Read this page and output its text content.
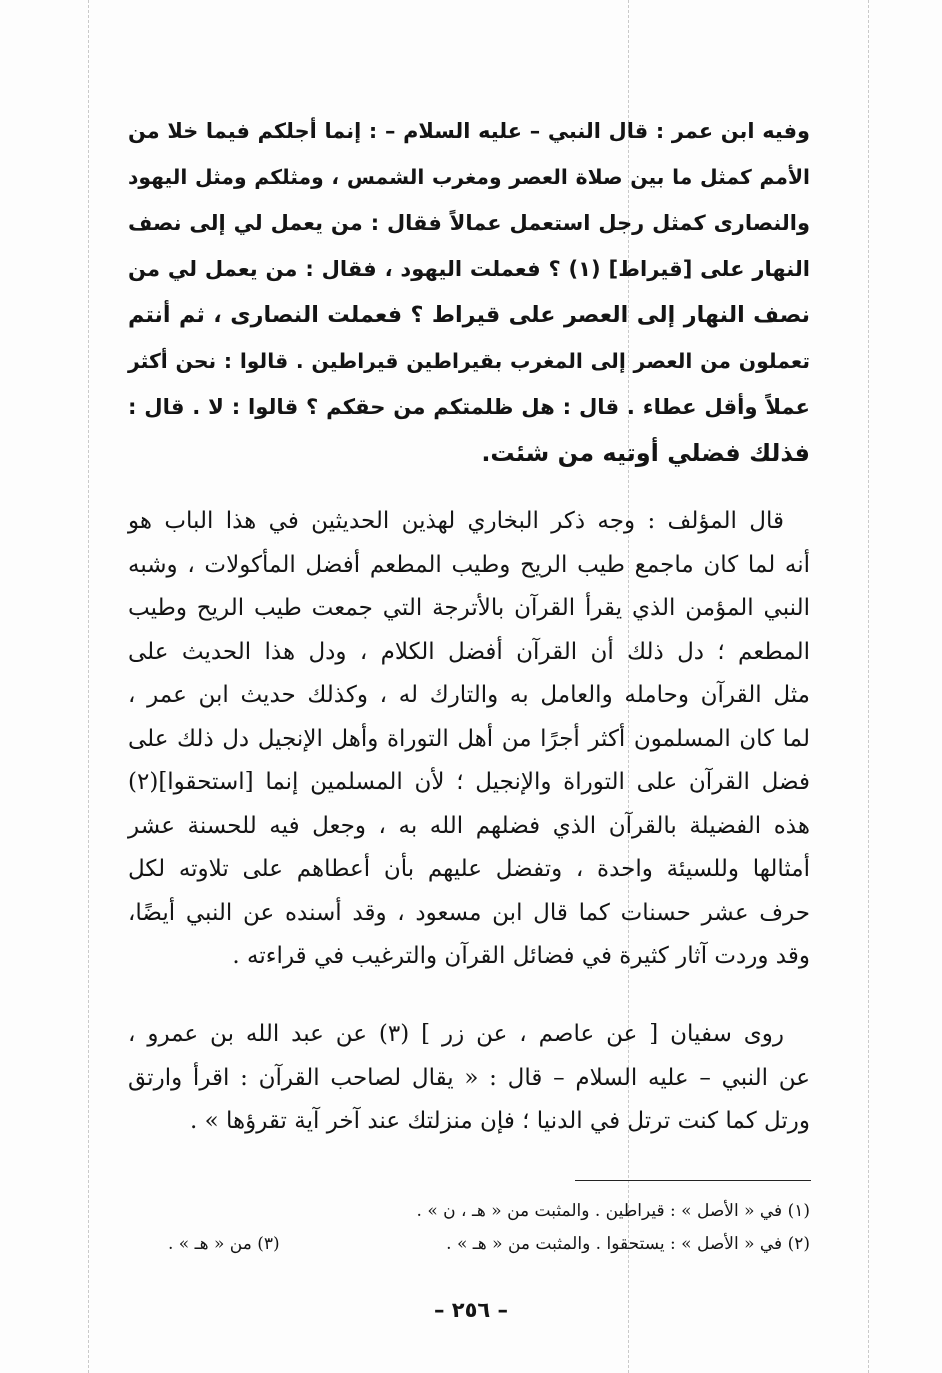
وفيه ابن عمر : قال النبي – عليه السلام – : إنما أجلكم فيما خلا من
الأمم كمثل ما بين صلاة العصر ومغرب الشمس ، ومثلكم ومثل اليهود
والنصارى كمثل رجل استعمل عمالاً فقال : من يعمل لي إلى نصف
النهار على [قيراط] (١) ؟ فعملت اليهود ، فقال : من يعمل لي من
نصف النهار إلى العصر على قيراط ؟ فعملت النصارى ، ثم أنتم
تعملون من العصر إلى المغرب بقيراطين قيراطين . قالوا : نحن أكثر
عملاً وأقل عطاء . قال : هل ظلمتكم من حقكم ؟ قالوا : لا . قال :
فذلك فضلي أوتيه من شئت.
قال المؤلف : وجه ذكر البخاري لهذين الحديثين في هذا الباب هو
أنه لما كان ماجمع طيب الريح وطيب المطعم أفضل المأكولات ، وشبه
النبي المؤمن الذي يقرأ القرآن بالأترجة التي جمعت طيب الريح وطيب
المطعم ؛ دل ذلك أن القرآن أفضل الكلام ، ودل هذا الحديث على
مثل القرآن وحامله والعامل به والتارك له ، وكذلك حديث ابن عمر ،
لما كان المسلمون أكثر أجرًا من أهل التوراة وأهل الإنجيل دل ذلك على
فضل القرآن على التوراة والإنجيل ؛ لأن المسلمين إنما [استحقوا](٢)
هذه الفضيلة بالقرآن الذي فضلهم الله به ، وجعل فيه للحسنة عشر
أمثالها وللسيئة واحدة ، وتفضل عليهم بأن أعطاهم على تلاوته لكل
حرف عشر حسنات كما قال ابن مسعود ، وقد أسنده عن النبي أيضًا،
وقد وردت آثار كثيرة في فضائل القرآن والترغيب في قراءته .
روى سفيان [ عن عاصم ، عن زر ] (٣) عن عبد الله بن عمرو ،
عن النبي – عليه السلام – قال : « يقال لصاحب القرآن : اقرأ وارتق
ورتل كما كنت ترتل في الدنيا ؛ فإن منزلتك عند آخر آية تقرؤها » .
(١) في « الأصل » : قيراطين . والمثبت من « هـ ، ن » .
(٢) في « الأصل » : يستحقوا . والمثبت من « هـ » .
(٣) من « هـ » .
– ٢٥٦ –
